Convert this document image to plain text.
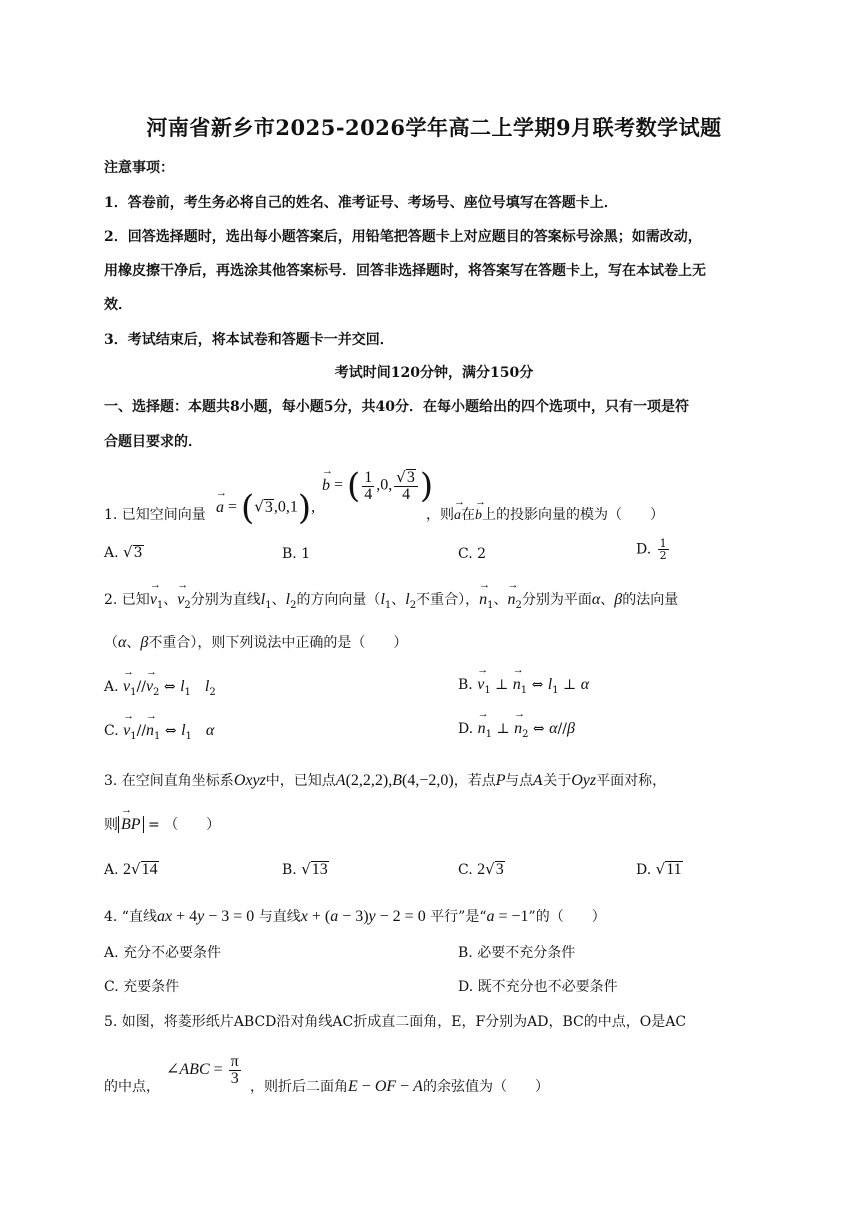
河南省新乡市2025-2026学年高二上学期9月联考数学试题
注意事项：
1．答卷前，考生务必将自己的姓名、准考证号、考场号、座位号填写在答题卡上．
2．回答选择题时，选出每小题答案后，用铅笔把答题卡上对应题目的答案标号涂黑；如需改动，
用橡皮擦干净后，再选涂其他答案标号．回答非选择题时，将答案写在答题卡上，写在本试卷上无
效．
3．考试结束后，将本试卷和答题卡一并交回．
考试时间120分钟，满分150分
一、选择题：本题共8小题，每小题5分，共40分．在每小题给出的四个选项中，只有一项是符
合题目要求的．
1. 已知空间向量 → a = (√3,0,1),
→ b = ( $\frac{1}{4} ,0$, $\frac{√3}{4}$ )
，则→ a在→ b上的投影向量的模为（　　）
A. √3	B. 1	C. 2	D. $\frac{1}{2}$
2. 已知→ $v_1$、→ $v_2$分别为直线$l_1$、$l_2$的方向向量（$l_1$、$l_2$不重合），→ $n_1$、→ $n_2$分别为平面α、β的法向量
（α、β不重合），则下列说法中正确的是（　　）
A. → $v_1//\to v_2$ ⇔ $l_1$　 $l_2$	B. → $v_1$ ⊥ → $n_1$ ⇔ $l_1$ ⊥ α
C. → $v_1//\to n_1$ ⇔ $l_1$　 α	D. → $n_1$ ⊥ → $n_2$ ⇔ α//β
3. 在空间直角坐标系Oxyz中，已知点A(2,2,2),B(4,−2,0)，若点P与点A关于Oyz平面对称，
则 → BP = （　　）
A. 2√14	B. √13	C. 2√3	D. √11
4. “直线ax + 4y − 3 = 0 与直线x + (a − 3)y − 2 = 0 平行”是“a = −1”的（　　）
A. 充分不必要条件	B. 必要不充分条件
C. 充要条件	D. 既不充分也不必要条件
5. 如图，将菱形纸片ABCD沿对角线AC折成直二面角，E，F分别为AD，BC的中点，O是AC
的中点，
∠ABC = $\frac{\pi}{3}$ ，则折后二面角E − OF − A的余弦值为（　　）
